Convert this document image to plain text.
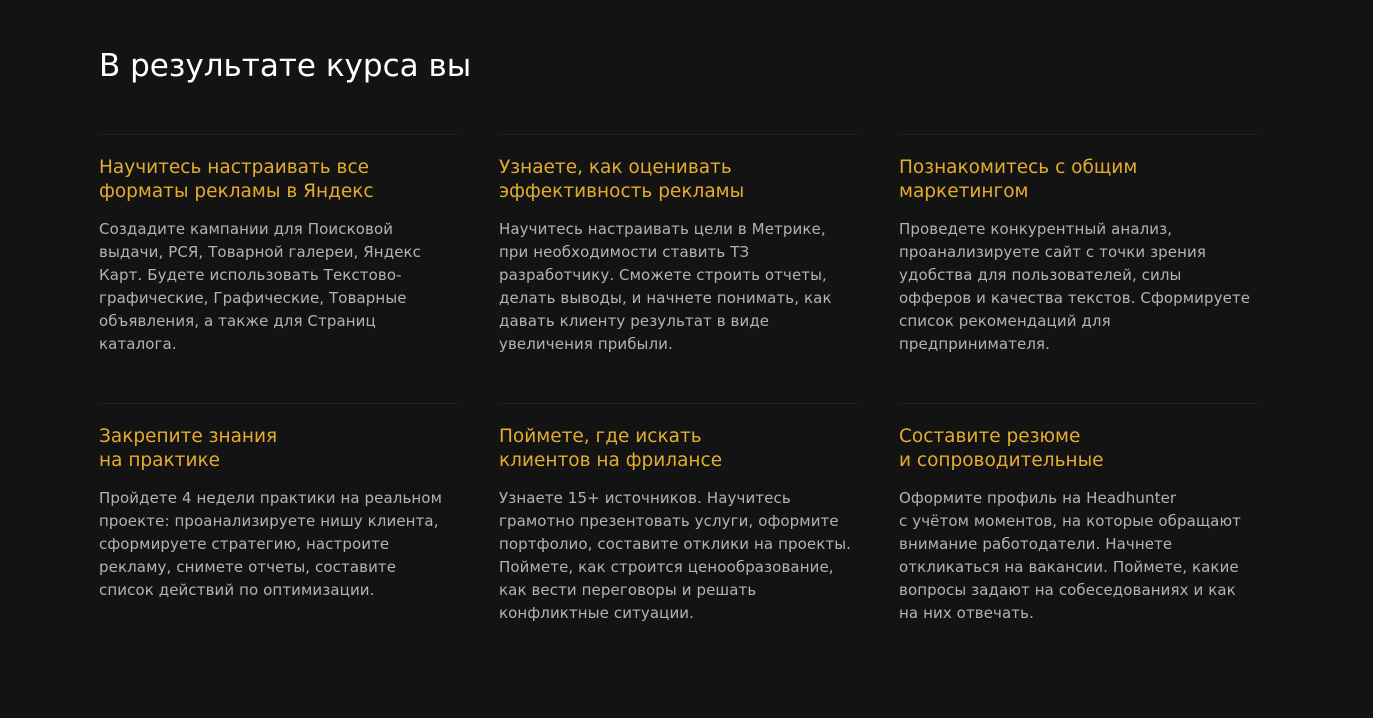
В результате курса вы
Научитесь настраивать все
форматы рекламы в Яндекс

Создадите кампании для Поисковой
выдачи, РСЯ, Товарной галереи, Яндекс
Карт. Будете использовать Текстово-
графические, Графические, Товарные
объявления, а также для Страниц
каталога.

Узнаете, как оценивать
эффективность рекламы

Научитесь настраивать цели в Метрике,
при необходимости ставить ТЗ
разработчику. Сможете строить отчеты,
делать выводы, и начнете понимать, как
давать клиенту результат в виде
увеличения прибыли.

Познакомитесь с общим
маркетингом

Проведете конкурентный анализ,
проанализируете сайт с точки зрения
удобства для пользователей, силы
офферов и качества текстов. Сформируете
список рекомендаций для
предпринимателя.

Закрепите знания
на практике

Пройдете 4 недели практики на реальном
проекте: проанализируете нишу клиента,
сформируете стратегию, настроите
рекламу, снимете отчеты, составите
список действий по оптимизации.

Поймете, где искать
клиентов на фрилансе

Узнаете 15+ источников. Научитесь
грамотно презентовать услуги, оформите
портфолио, составите отклики на проекты.
Поймете, как строится ценообразование,
как вести переговоры и решать
конфликтные ситуации.

Составите резюме
и сопроводительные

Оформите профиль на Headhunter
с учётом моментов, на которые обращают
внимание работодатели. Начнете
откликаться на вакансии. Поймете, какие
вопросы задают на собеседованиях и как
на них отвечать.
